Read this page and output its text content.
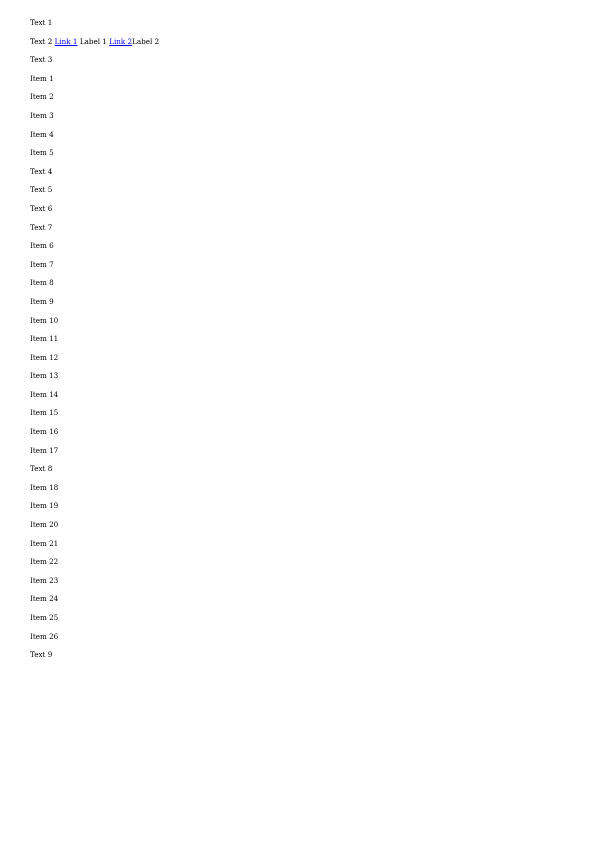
Text 1

Text 2 Link 1 Label 1 Link 2Label 2

Text 3

Item 1

Item 2

Item 3

Item 4

Item 5

Text 4

Text 5

Text 6

Text 7

Item 6

Item 7

Item 8

Item 9

Item 10

Item 11

Item 12

Item 13

Item 14

Item 15

Item 16

Item 17

Text 8

Item 18

Item 19

Item 20

Item 21

Item 22

Item 23

Item 24

Item 25

Item 26

Text 9
